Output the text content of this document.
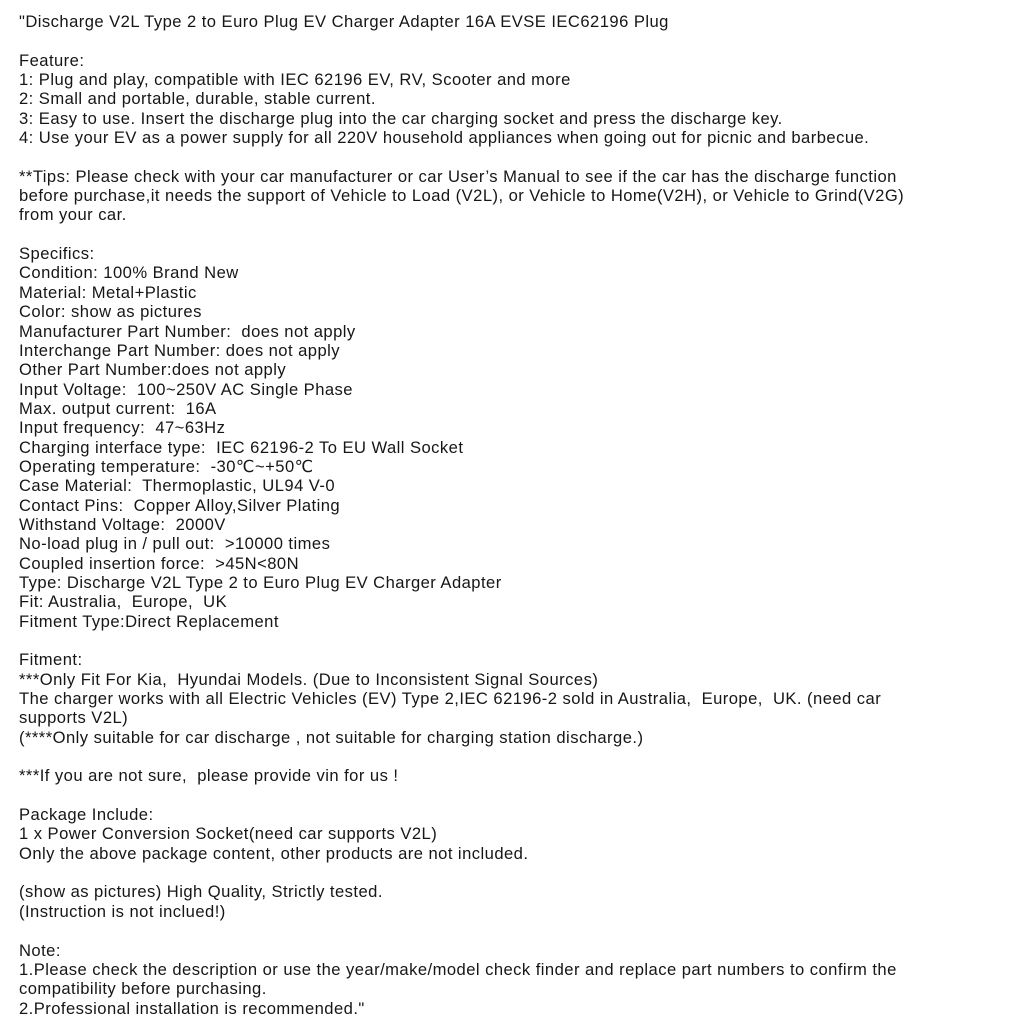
"Discharge V2L Type 2 to Euro Plug EV Charger Adapter 16A EVSE IEC62196 Plug

Feature:
1: Plug and play, compatible with IEC 62196 EV, RV, Scooter and more
2: Small and portable, durable, stable current.
3: Easy to use. Insert the discharge plug into the car charging socket and press the discharge key.
4: Use your EV as a power supply for all 220V household appliances when going out for picnic and barbecue.

**Tips: Please check with your car manufacturer or car User’s Manual to see if the car has the discharge function
before purchase,it needs the support of Vehicle to Load (V2L), or Vehicle to Home(V2H), or Vehicle to Grind(V2G)
from your car.

Specifics:
Condition: 100% Brand New
Material: Metal+Plastic
Color: show as pictures
Manufacturer Part Number:  does not apply
Interchange Part Number: does not apply
Other Part Number:does not apply
Input Voltage:  100~250V AC Single Phase
Max. output current:  16A
Input frequency:  47~63Hz
Charging interface type:  IEC 62196-2 To EU Wall Socket
Operating temperature:  -30℃~+50℃
Case Material:  Thermoplastic, UL94 V-0
Contact Pins:  Copper Alloy,Silver Plating
Withstand Voltage:  2000V
No-load plug in / pull out:  >10000 times
Coupled insertion force:  >45N<80N
Type: Discharge V2L Type 2 to Euro Plug EV Charger Adapter
Fit: Australia,  Europe,  UK
Fitment Type:Direct Replacement

Fitment:
***Only Fit For Kia,  Hyundai Models. (Due to Inconsistent Signal Sources)
The charger works with all Electric Vehicles (EV) Type 2,IEC 62196-2 sold in Australia,  Europe,  UK. (need car
supports V2L)
(****Only suitable for car discharge , not suitable for charging station discharge.)

***If you are not sure,  please provide vin for us !

Package Include:
1 x Power Conversion Socket(need car supports V2L)
Only the above package content, other products are not included.

(show as pictures) High Quality, Strictly tested.
(Instruction is not inclued!)

Note:
1.Please check the description or use the year/make/model check finder and replace part numbers to confirm the
compatibility before purchasing.
2.Professional installation is recommended."
